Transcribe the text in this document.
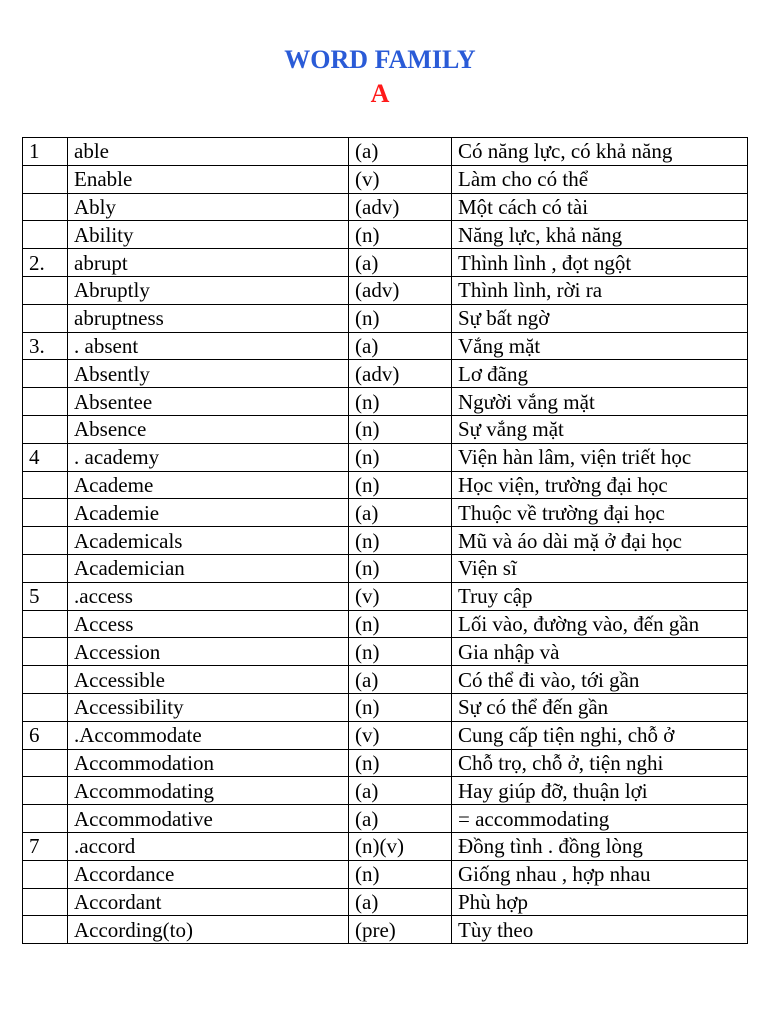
WORD FAMILY
A
1	able	(a)	Có năng lực, có khả năng
	Enable	(v)	Làm cho có thể
	Ably	(adv)	Một cách có tài
	Ability	(n)	Năng lực, khả năng
2.	abrupt	(a)	Thình lình , đọt ngột
	Abruptly	(adv)	Thình lình, rời ra
	abruptness	(n)	Sự bất ngờ
3.	. absent	(a)	Vắng mặt
	Absently	(adv)	Lơ đãng
	Absentee	(n)	Người vắng mặt
	Absence	(n)	Sự vắng mặt
4	. academy	(n)	Viện hàn lâm, viện triết học
	Academe	(n)	Học viện, trường đại học
	Academie	(a)	Thuộc về trường đại học
	Academicals	(n)	Mũ và áo dài mặ ở đại học
	Academician	(n)	Viện sĩ
5	.access	(v)	Truy cập
	Access	(n)	Lối vào, đường vào, đến gần
	Accession	(n)	Gia nhập và
	Accessible	(a)	Có thể đi vào, tới gần
	Accessibility	(n)	Sự có thể đến gần
6	.Accommodate	(v)	Cung cấp tiện nghi, chỗ ở
	Accommodation	(n)	Chỗ trọ, chỗ ở, tiện nghi
	Accommodating	(a)	Hay giúp đỡ, thuận lợi
	Accommodative	(a)	= accommodating
7	.accord	(n)(v)	Đồng tình . đồng lòng
	Accordance	(n)	Giống nhau , hợp nhau
	Accordant	(a)	Phù hợp
	According(to)	(pre)	Tùy theo
